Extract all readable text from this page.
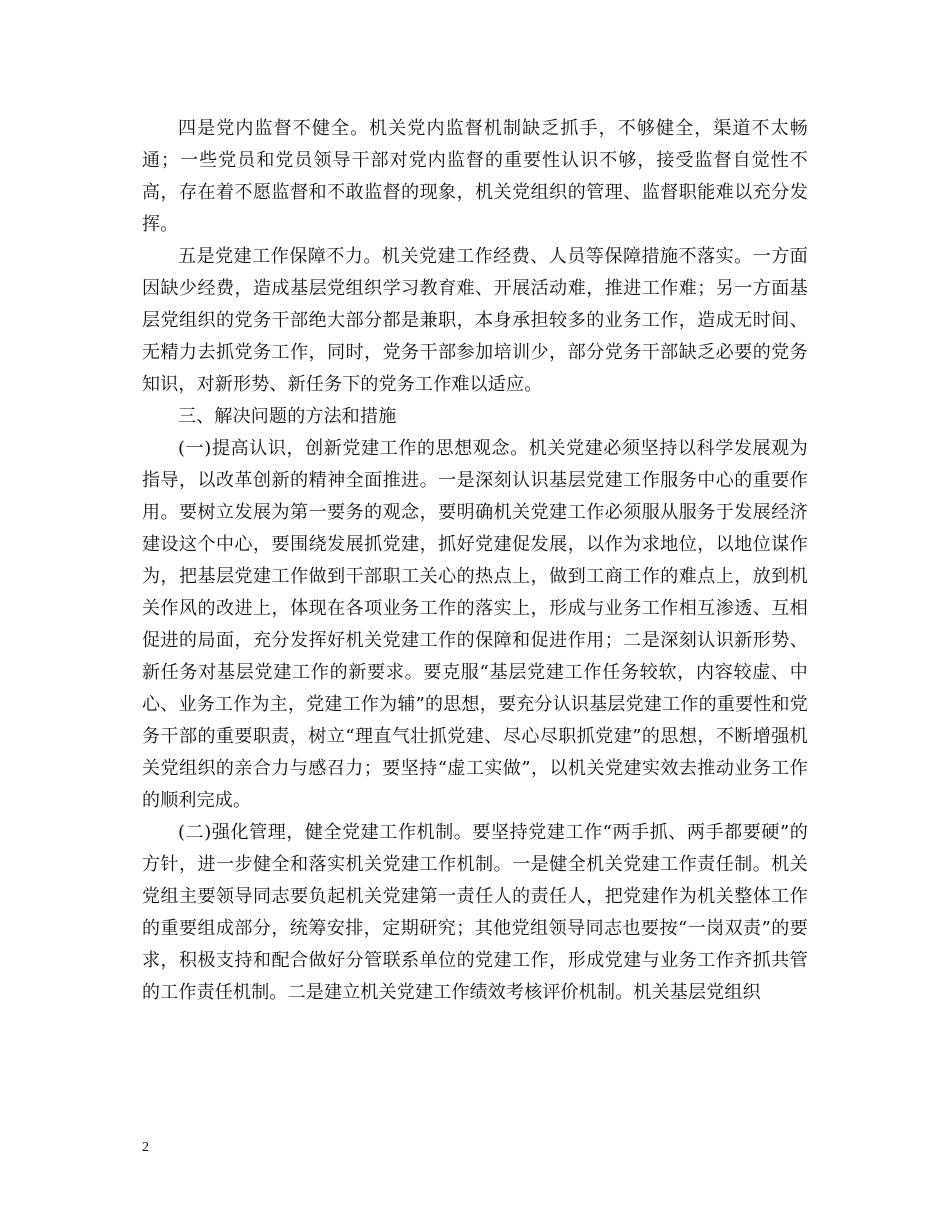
四是党内监督不健全。机关党内监督机制缺乏抓手，不够健全，渠道不太畅通；一些党员和党员领导干部对党内监督的重要性认识不够，接受监督自觉性不高，存在着不愿监督和不敢监督的现象，机关党组织的管理、监督职能难以充分发挥。

五是党建工作保障不力。机关党建工作经费、人员等保障措施不落实。一方面因缺少经费，造成基层党组织学习教育难、开展活动难，推进工作难；另一方面基层党组织的党务干部绝大部分都是兼职，本身承担较多的业务工作，造成无时间、无精力去抓党务工作，同时，党务干部参加培训少，部分党务干部缺乏必要的党务知识，对新形势、新任务下的党务工作难以适应。

三、解决问题的方法和措施

(一)提高认识，创新党建工作的思想观念。机关党建必须坚持以科学发展观为指导，以改革创新的精神全面推进。一是深刻认识基层党建工作服务中心的重要作用。要树立发展为第一要务的观念，要明确机关党建工作必须服从服务于发展经济建设这个中心，要围绕发展抓党建，抓好党建促发展，以作为求地位，以地位谋作为，把基层党建工作做到干部职工关心的热点上，做到工商工作的难点上，放到机关作风的改进上，体现在各项业务工作的落实上，形成与业务工作相互渗透、互相促进的局面，充分发挥好机关党建工作的保障和促进作用；二是深刻认识新形势、新任务对基层党建工作的新要求。要克服“基层党建工作任务较软，内容较虚、中心、业务工作为主，党建工作为辅”的思想，要充分认识基层党建工作的重要性和党务干部的重要职责，树立“理直气壮抓党建、尽心尽职抓党建”的思想，不断增强机关党组织的亲合力与感召力；要坚持“虚工实做”，以机关党建实效去推动业务工作的顺利完成。

(二)强化管理，健全党建工作机制。要坚持党建工作“两手抓、两手都要硬”的方针，进一步健全和落实机关党建工作机制。一是健全机关党建工作责任制。机关党组主要领导同志要负起机关党建第一责任人的责任人，把党建作为机关整体工作的重要组成部分，统筹安排，定期研究；其他党组领导同志也要按“一岗双责”的要求，积极支持和配合做好分管联系单位的党建工作，形成党建与业务工作齐抓共管的工作责任机制。二是建立机关党建工作绩效考核评价机制。机关基层党组织

2
